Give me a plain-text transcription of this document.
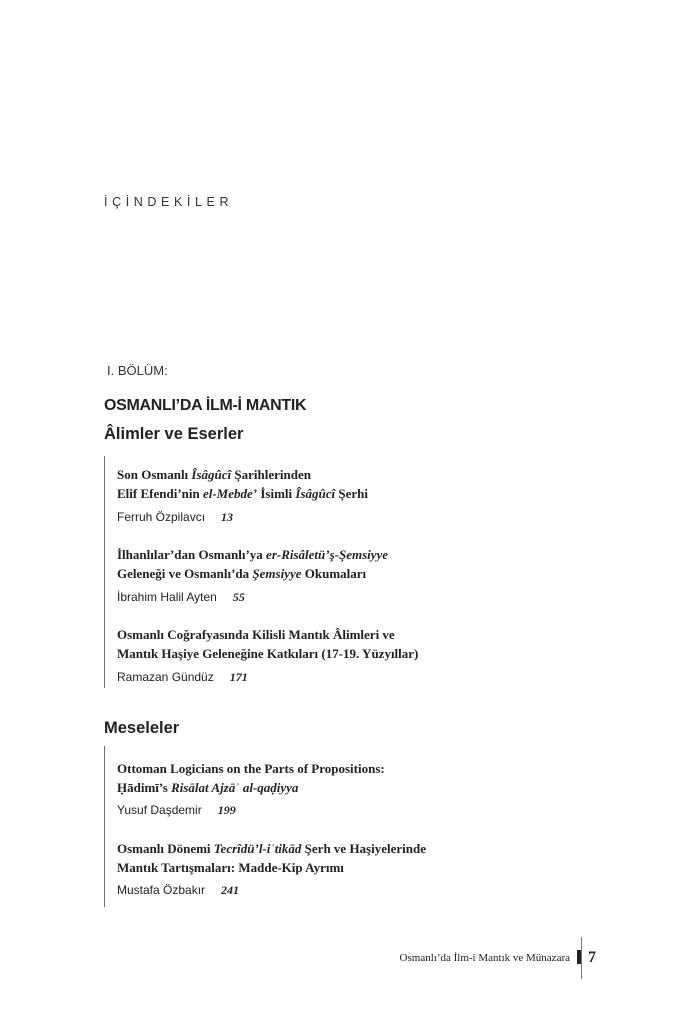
İÇİNDEKİLER
I. BÖLÜM:
OSMANLI’DA İLM-İ MANTIK
Âlimler ve Eserler
Son Osmanlı Îsâgûcî Şarihlerinden
Elif Efendi’nin el-Mebde’ İsimli Îsâgûcî Şerhi
Ferruh Özpilavcı 13
İlhanlılar’dan Osmanlı’ya er-Risâletü’ş-Şemsiyye
Geleneği ve Osmanlı’da Şemsiyye Okumaları
İbrahim Halil Ayten 55
Osmanlı Coğrafyasında Kilisli Mantık Âlimleri ve
Mantık Haşiye Geleneğine Katkıları (17-19. Yüzyıllar)
Ramazan Gündüz 171
Meseleler
Ottoman Logicians on the Parts of Propositions:
Ḥādimī’s Risālat Ajzāʾ al-qaḍiyya
Yusuf Daşdemir 199
Osmanlı Dönemi Tecrîdü’l-iʿtikād Şerh ve Haşiyelerinde
Mantık Tartışmaları: Madde-Kip Ayrımı
Mustafa Özbakır 241
Osmanlı’da İlm-i Mantık ve Münazara 7
